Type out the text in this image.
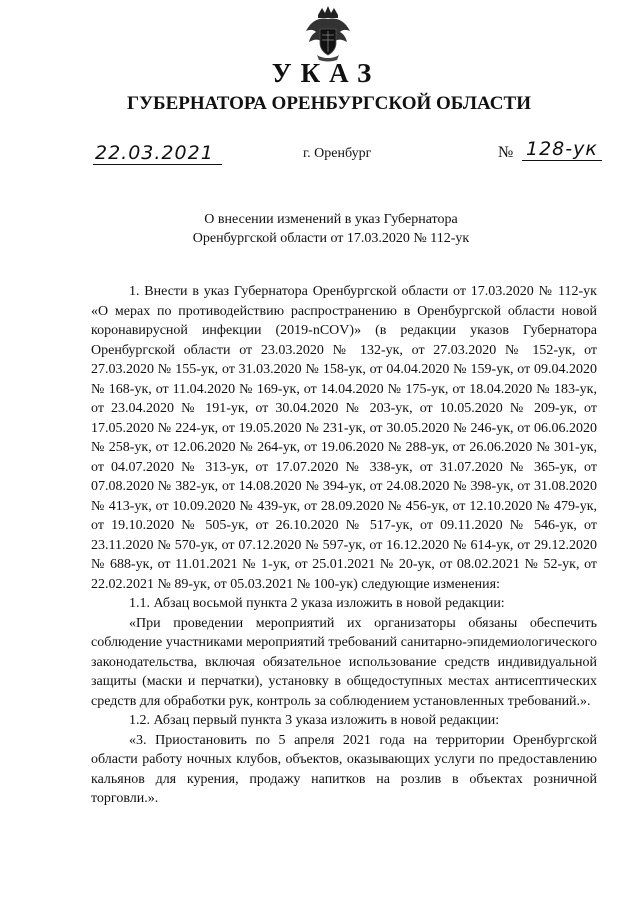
УКАЗ
ГУБЕРНАТОРА ОРЕНБУРГСКОЙ ОБЛАСТИ
22.03.2021	г. Оренбург	№ 128-ук
О внесении изменений в указ Губернатора
Оренбургской области от 17.03.2020 № 112-ук

1. Внести в указ Губернатора Оренбургской области от 17.03.2020 № 112-ук «О мерах по противодействию распространению в Оренбургской области новой коронавирусной инфекции (2019-nCOV)» (в редакции указов Губернатора Оренбургской области от 23.03.2020 № 132-ук, от 27.03.2020 № 152-ук, от 27.03.2020 № 155-ук, от 31.03.2020 № 158-ук, от 04.04.2020 № 159-ук, от 09.04.2020 № 168-ук, от 11.04.2020 № 169-ук, от 14.04.2020 № 175-ук, от 18.04.2020 № 183-ук, от 23.04.2020 № 191-ук, от 30.04.2020 № 203-ук, от 10.05.2020 № 209-ук, от 17.05.2020 № 224-ук, от 19.05.2020 № 231-ук, от 30.05.2020 № 246-ук, от 06.06.2020 № 258-ук, от 12.06.2020 № 264-ук, от 19.06.2020 № 288-ук, от 26.06.2020 № 301-ук, от 04.07.2020 № 313-ук, от 17.07.2020 № 338-ук, от 31.07.2020 № 365-ук, от 07.08.2020 № 382-ук, от 14.08.2020 № 394-ук, от 24.08.2020 № 398-ук, от 31.08.2020 № 413-ук, от 10.09.2020 № 439-ук, от 28.09.2020 № 456-ук, от 12.10.2020 № 479-ук, от 19.10.2020 № 505-ук, от 26.10.2020 № 517-ук, от 09.11.2020 № 546-ук, от 23.11.2020 № 570-ук, от 07.12.2020 № 597-ук, от 16.12.2020 № 614-ук, от 29.12.2020 № 688-ук, от 11.01.2021 № 1-ук, от 25.01.2021 № 20-ук, от 08.02.2021 № 52-ук, от 22.02.2021 № 89-ук, от 05.03.2021 № 100-ук) следующие изменения:

1.1. Абзац восьмой пункта 2 указа изложить в новой редакции:

«При проведении мероприятий их организаторы обязаны обеспечить соблюдение участниками мероприятий требований санитарно-эпидемиологического законодательства, включая обязательное использование средств индивидуальной защиты (маски и перчатки), установку в общедоступных местах антисептических средств для обработки рук, контроль за соблюдением установленных требований.».

1.2. Абзац первый пункта 3 указа изложить в новой редакции:

«3. Приостановить по 5 апреля 2021 года на территории Оренбургской области работу ночных клубов, объектов, оказывающих услуги по предоставлению кальянов для курения, продажу напитков на розлив в объектах розничной торговли.».
